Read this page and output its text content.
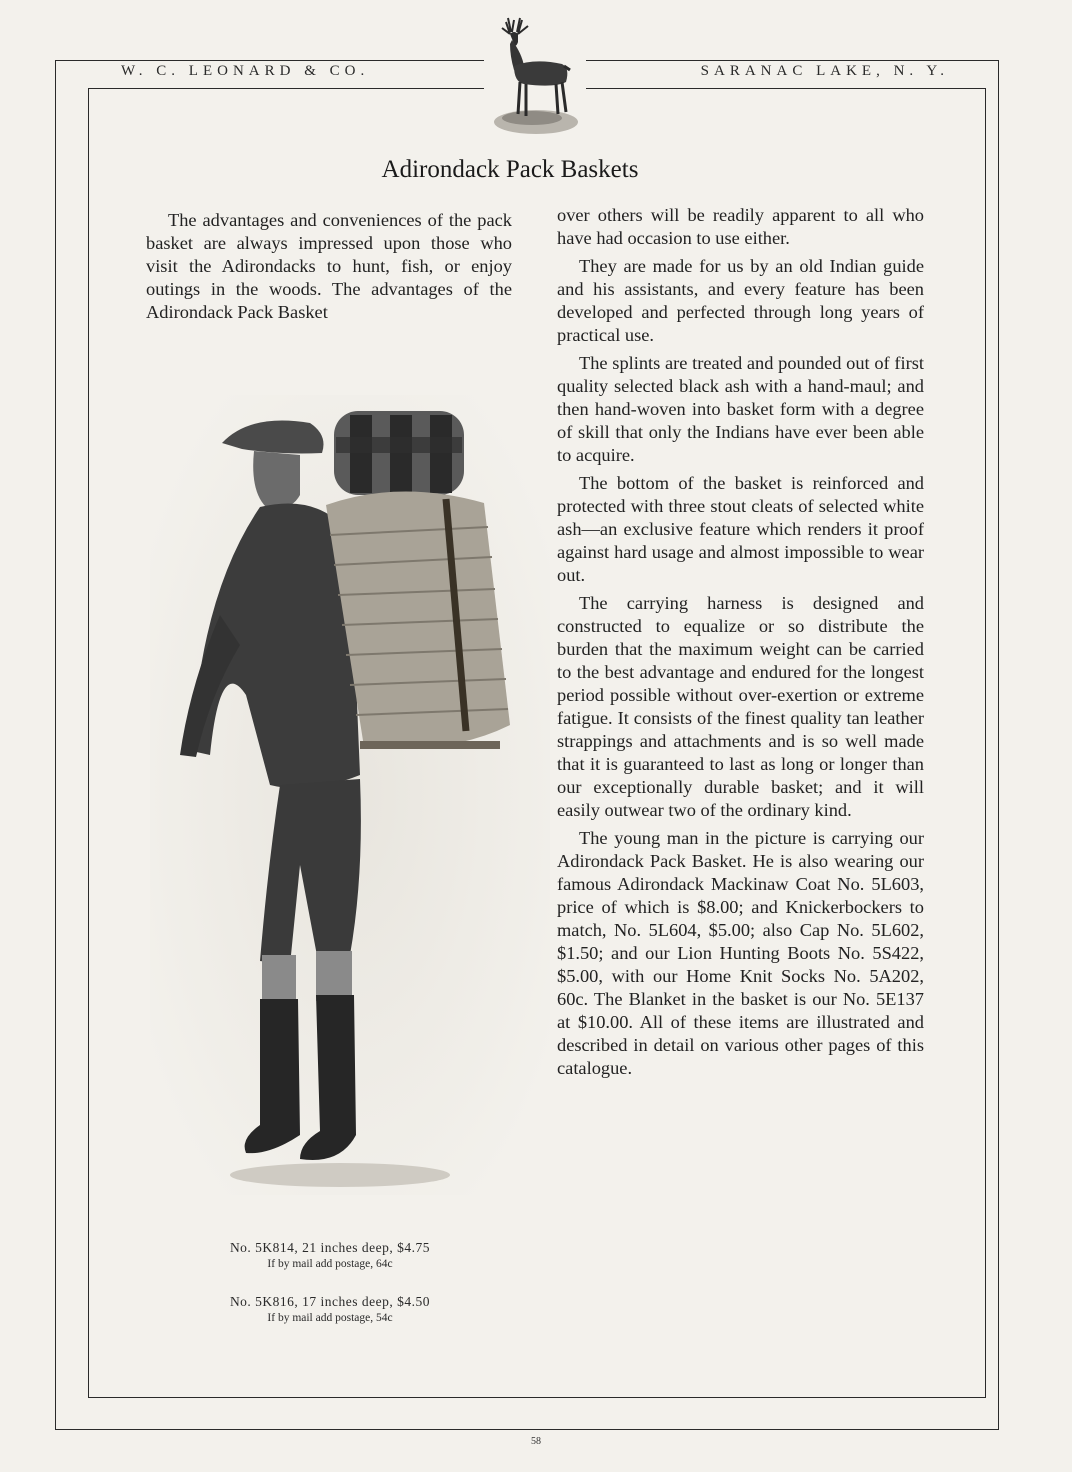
W. C. LEONARD & CO.	SARANAC LAKE, N. Y.
Adirondack Pack Baskets
The advantages and conveniences of the pack basket are always impressed upon those who visit the Adirondacks to hunt, fish, or enjoy outings in the woods. The advantages of the Adirondack Pack Basket

over others will be readily apparent to all who have had occasion to use either.

They are made for us by an old Indian guide and his assistants, and every feature has been developed and perfected through long years of practical use.

The splints are treated and pounded out of first quality selected black ash with a hand-maul; and then hand-woven into basket form with a degree of skill that only the Indians have ever been able to acquire.

The bottom of the basket is reinforced and protected with three stout cleats of selected white ash—an exclusive feature which renders it proof against hard usage and almost impossible to wear out.

The carrying harness is designed and constructed to equalize or so distribute the burden that the maximum weight can be carried to the best advantage and endured for the longest period possible without over-exertion or extreme fatigue. It consists of the finest quality tan leather strappings and attachments and is so well made that it is guaranteed to last as long or longer than our exceptionally durable basket; and it will easily outwear two of the ordinary kind.

The young man in the picture is carrying our Adirondack Pack Basket. He is also wearing our famous Adirondack Mackinaw Coat No. 5L603, price of which is $8.00; and Knickerbockers to match, No. 5L604, $5.00; also Cap No. 5L602, $1.50; and our Lion Hunting Boots No. 5S422, $5.00, with our Home Knit Socks No. 5A202, 60c. The Blanket in the basket is our No. 5E137 at $10.00. All of these items are illustrated and described in detail on various other pages of this catalogue.

No. 5K814, 21 inches deep, $4.75
If by mail add postage, 64c
No. 5K816, 17 inches deep, $4.50
If by mail add postage, 54c
58
